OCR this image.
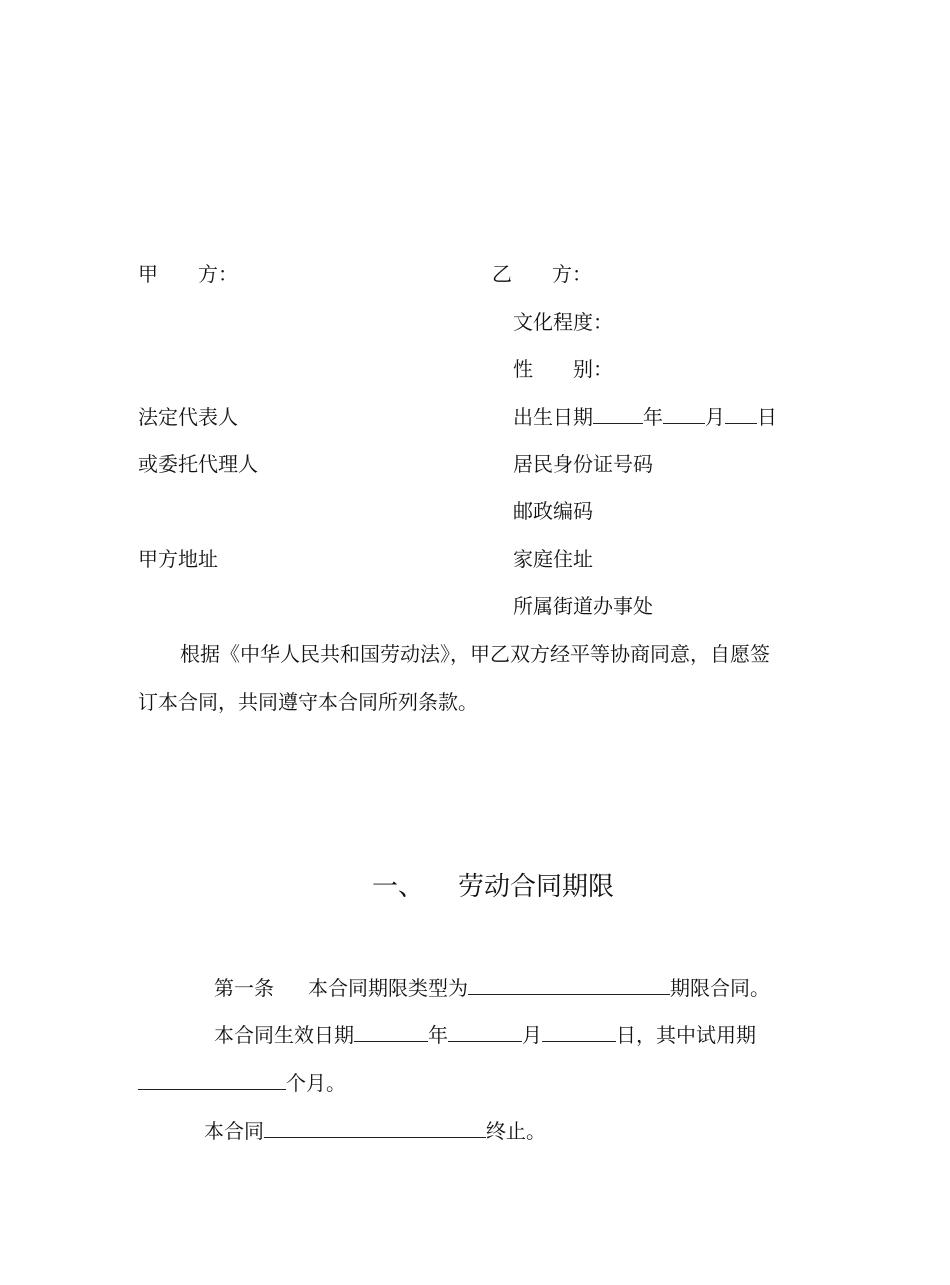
甲　　方：
法定代表人
或委托代理人
甲方地址
乙　　方：
文化程度：
性　　别：
出生日期	年 月 日
居民身份证号码
邮政编码
家庭住址
所属街道办事处
根据《中华人民共和国劳动法》，甲乙双方经平等协商同意，自愿签
订本合同，共同遵守本合同所列条款。
一、 劳动合同期限
第一条 本合同期限类型为	期限合同。
本合同生效日期	年	月	日，其中试用期
个月。
本合同	终止。
